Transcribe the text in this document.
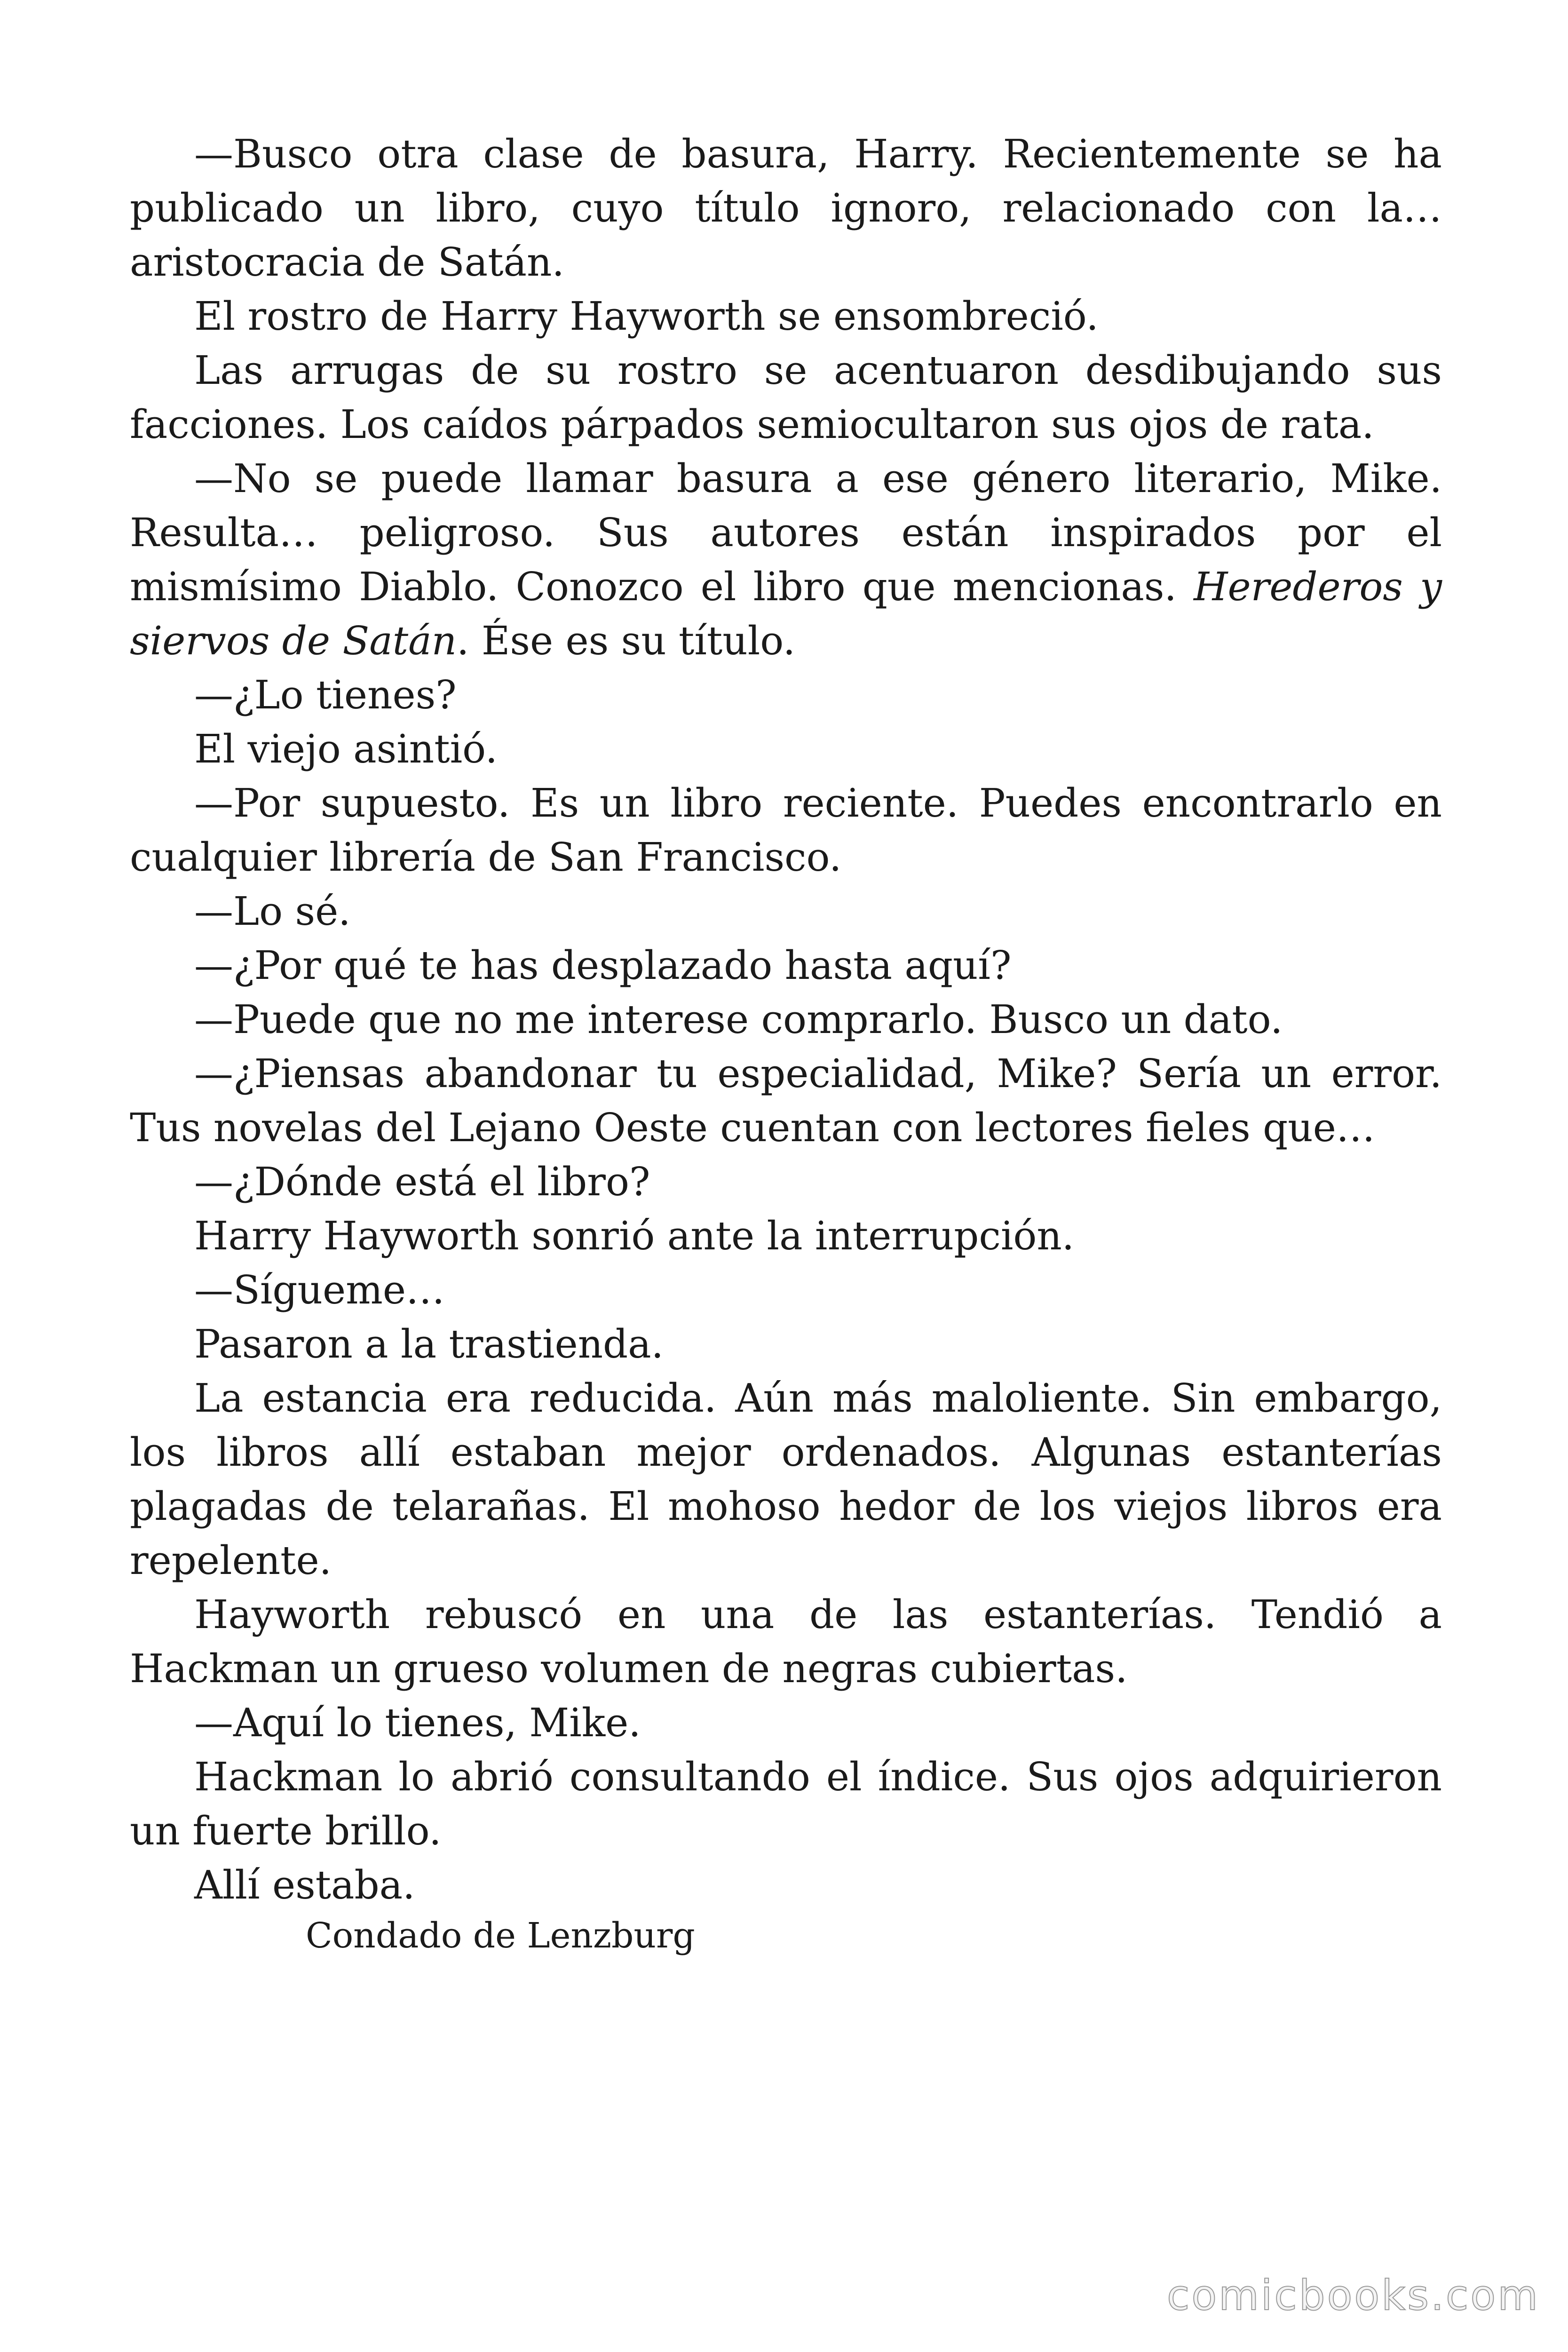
—Busco otra clase de basura, Harry. Recientemente se ha publicado un libro, cuyo título ignoro, relacionado con la… aristocracia de Satán.

El rostro de Harry Hayworth se ensombreció.

Las arrugas de su rostro se acentuaron desdibujando sus facciones. Los caídos párpados semiocultaron sus ojos de rata.

—No se puede llamar basura a ese género literario, Mike. Resulta… peligroso. Sus autores están inspirados por el mismísimo Diablo. Conozco el libro que mencionas. Herederos y siervos de Satán. Ése es su título.

—¿Lo tienes?

El viejo asintió.

—Por supuesto. Es un libro reciente. Puedes encontrarlo en cualquier librería de San Francisco.

—Lo sé.

—¿Por qué te has desplazado hasta aquí?

—Puede que no me interese comprarlo. Busco un dato.

—¿Piensas abandonar tu especialidad, Mike? Sería un error. Tus novelas del Lejano Oeste cuentan con lectores fieles que…

—¿Dónde está el libro?

Harry Hayworth sonrió ante la interrupción.

—Sígueme…

Pasaron a la trastienda.

La estancia era reducida. Aún más maloliente. Sin embargo, los libros allí estaban mejor ordenados. Algunas estanterías plagadas de telarañas. El mohoso hedor de los viejos libros era repelente.

Hayworth rebuscó en una de las estanterías. Tendió a Hackman un grueso volumen de negras cubiertas.

—Aquí lo tienes, Mike.

Hackman lo abrió consultando el índice. Sus ojos adquirieron un fuerte brillo.

Allí estaba.

Condado de Lenzburg
comicbooks.com
